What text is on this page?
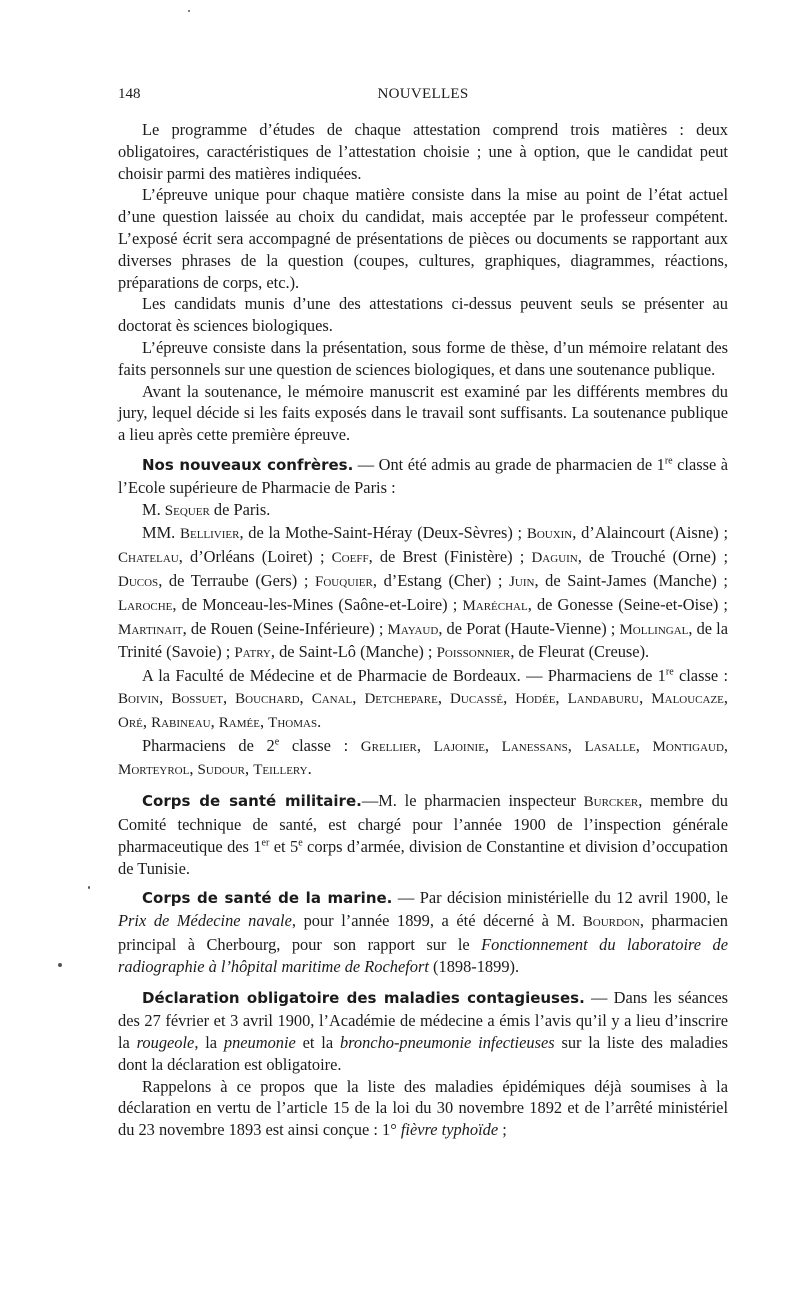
148	NOUVELLES

Le programme d’études de chaque attestation comprend trois matières : deux obligatoires, caractéristiques de l’attestation choisie ; une à option, que le candidat peut choisir parmi des matières indiquées.

L’épreuve unique pour chaque matière consiste dans la mise au point de l’état actuel d’une question laissée au choix du candidat, mais acceptée par le professeur compétent. L’exposé écrit sera accompagné de présentations de pièces ou documents se rapportant aux diverses phrases de la question (coupes, cultures, graphiques, diagrammes, réactions, préparations de corps, etc.).

Les candidats munis d’une des attestations ci-dessus peuvent seuls se présenter au doctorat ès sciences biologiques.

L’épreuve consiste dans la présentation, sous forme de thèse, d’un mémoire relatant des faits personnels sur une question de sciences biologiques, et dans une soutenance publique.

Avant la soutenance, le mémoire manuscrit est examiné par les différents membres du jury, lequel décide si les faits exposés dans le travail sont suffisants. La soutenance publique a lieu après cette première épreuve.

Nos nouveaux confrères. — Ont été admis au grade de pharmacien de 1re classe à l’Ecole supérieure de Pharmacie de Paris :

M. Sequer de Paris.

MM. Bellivier, de la Mothe-Saint-Héray (Deux-Sèvres) ; Bouxin, d’Alaincourt (Aisne) ; Chatelau, d’Orléans (Loiret) ; Coeff, de Brest (Finistère) ; Daguin, de Trouché (Orne) ; Ducos, de Terraube (Gers) ; Fouquier, d’Estang (Cher) ; Juin, de Saint-James (Manche) ; Laroche, de Monceau-les-Mines (Saône-et-Loire) ; Maréchal, de Gonesse (Seine-et-Oise) ; Martinait, de Rouen (Seine-Inférieure) ; Mayaud, de Porat (Haute-Vienne) ; Mollingal, de la Trinité (Savoie) ; Patry, de Saint-Lô (Manche) ; Poissonnier, de Fleurat (Creuse).

A la Faculté de Médecine et de Pharmacie de Bordeaux. — Pharmaciens de 1re classe : Boivin, Bossuet, Bouchard, Canal, Detchepare, Ducassé, Hodée, Landaburu, Maloucaze, Oré, Rabineau, Ramée, Thomas.

Pharmaciens de 2e classe : Grellier, Lajoinie, Lanessans, Lasalle, Montigaud, Morteyrol, Sudour, Teillery.

Corps de santé militaire.—M. le pharmacien inspecteur Burcker, membre du Comité technique de santé, est chargé pour l’année 1900 de l’inspection générale pharmaceutique des 1er et 5e corps d’armée, division de Constantine et division d’occupation de Tunisie.

Corps de santé de la marine. — Par décision ministérielle du 12 avril 1900, le Prix de Médecine navale, pour l’année 1899, a été décerné à M. Bourdon, pharmacien principal à Cherbourg, pour son rapport sur le Fonctionnement du laboratoire de radiographie à l’hôpital maritime de Rochefort (1898-1899).

Déclaration obligatoire des maladies contagieuses. — Dans les séances des 27 février et 3 avril 1900, l’Académie de médecine a émis l’avis qu’il y a lieu d’inscrire la rougeole, la pneumonie et la broncho-pneumonie infectieuses sur la liste des maladies dont la déclaration est obligatoire.

Rappelons à ce propos que la liste des maladies épidémiques déjà soumises à la déclaration en vertu de l’article 15 de la loi du 30 novembre 1892 et de l’arrêté ministériel du 23 novembre 1893 est ainsi conçue : 1° fièvre typhoïde ;
